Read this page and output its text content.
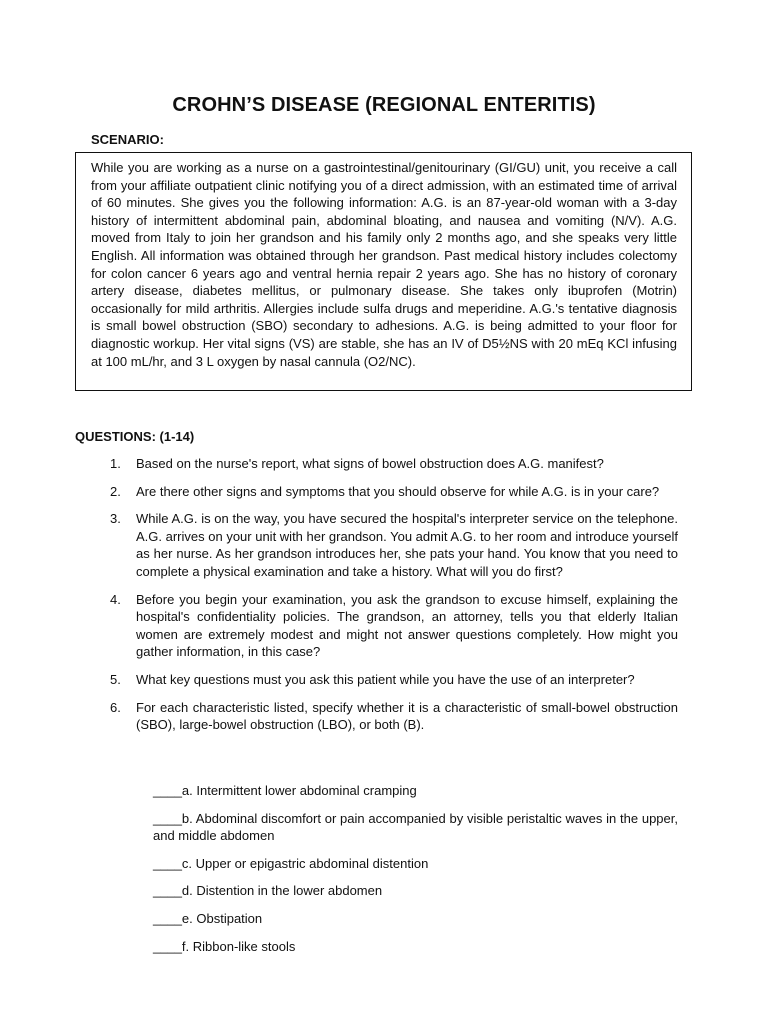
CROHN’S DISEASE (REGIONAL ENTERITIS)
SCENARIO:

While you are working as a nurse on a gastrointestinal/genitourinary (GI/GU) unit, you receive a call from your affiliate outpatient clinic notifying you of a direct admission, with an estimated time of arrival of 60 minutes. She gives you the following information: A.G. is an 87-year-old woman with a 3-day history of intermittent abdominal pain, abdominal bloating, and nausea and vomiting (N/V). A.G. moved from Italy to join her grandson and his family only 2 months ago, and she speaks very little English. All information was obtained through her grandson. Past medical history includes colectomy for colon cancer 6 years ago and ventral hernia repair 2 years ago. She has no history of coronary artery disease, diabetes mellitus, or pulmonary disease. She takes only ibuprofen (Motrin) occasionally for mild arthritis. Allergies include sulfa drugs and meperidine. A.G.'s tentative diagnosis is small bowel obstruction (SBO) secondary to adhesions. A.G. is being admitted to your floor for diagnostic workup. Her vital signs (VS) are stable, she has an IV of D5½NS with 20 mEq KCl infusing at 100 mL/hr, and 3 L oxygen by nasal cannula (O2/NC).

QUESTIONS: (1-14)
1.	Based on the nurse's report, what signs of bowel obstruction does A.G. manifest?
2.	Are there other signs and symptoms that you should observe for while A.G. is in your care?
3.	While A.G. is on the way, you have secured the hospital's interpreter service on the telephone. A.G. arrives on your unit with her grandson. You admit A.G. to her room and introduce yourself as her nurse. As her grandson introduces her, she pats your hand. You know that you need to complete a physical examination and take a history. What will you do first?
4.	Before you begin your examination, you ask the grandson to excuse himself, explaining the hospital's confidentiality policies. The grandson, an attorney, tells you that elderly Italian women are extremely modest and might not answer questions completely. How might you gather information, in this case?
5.	What key questions must you ask this patient while you have the use of an interpreter?
6.	For each characteristic listed, specify whether it is a characteristic of small-bowel obstruction (SBO), large-bowel obstruction (LBO), or both (B).
____a. Intermittent lower abdominal cramping
____b. Abdominal discomfort or pain accompanied by visible peristaltic waves in the upper, and middle abdomen
____c. Upper or epigastric abdominal distention
____d. Distention in the lower abdomen
____e. Obstipation
____f. Ribbon-like stools
